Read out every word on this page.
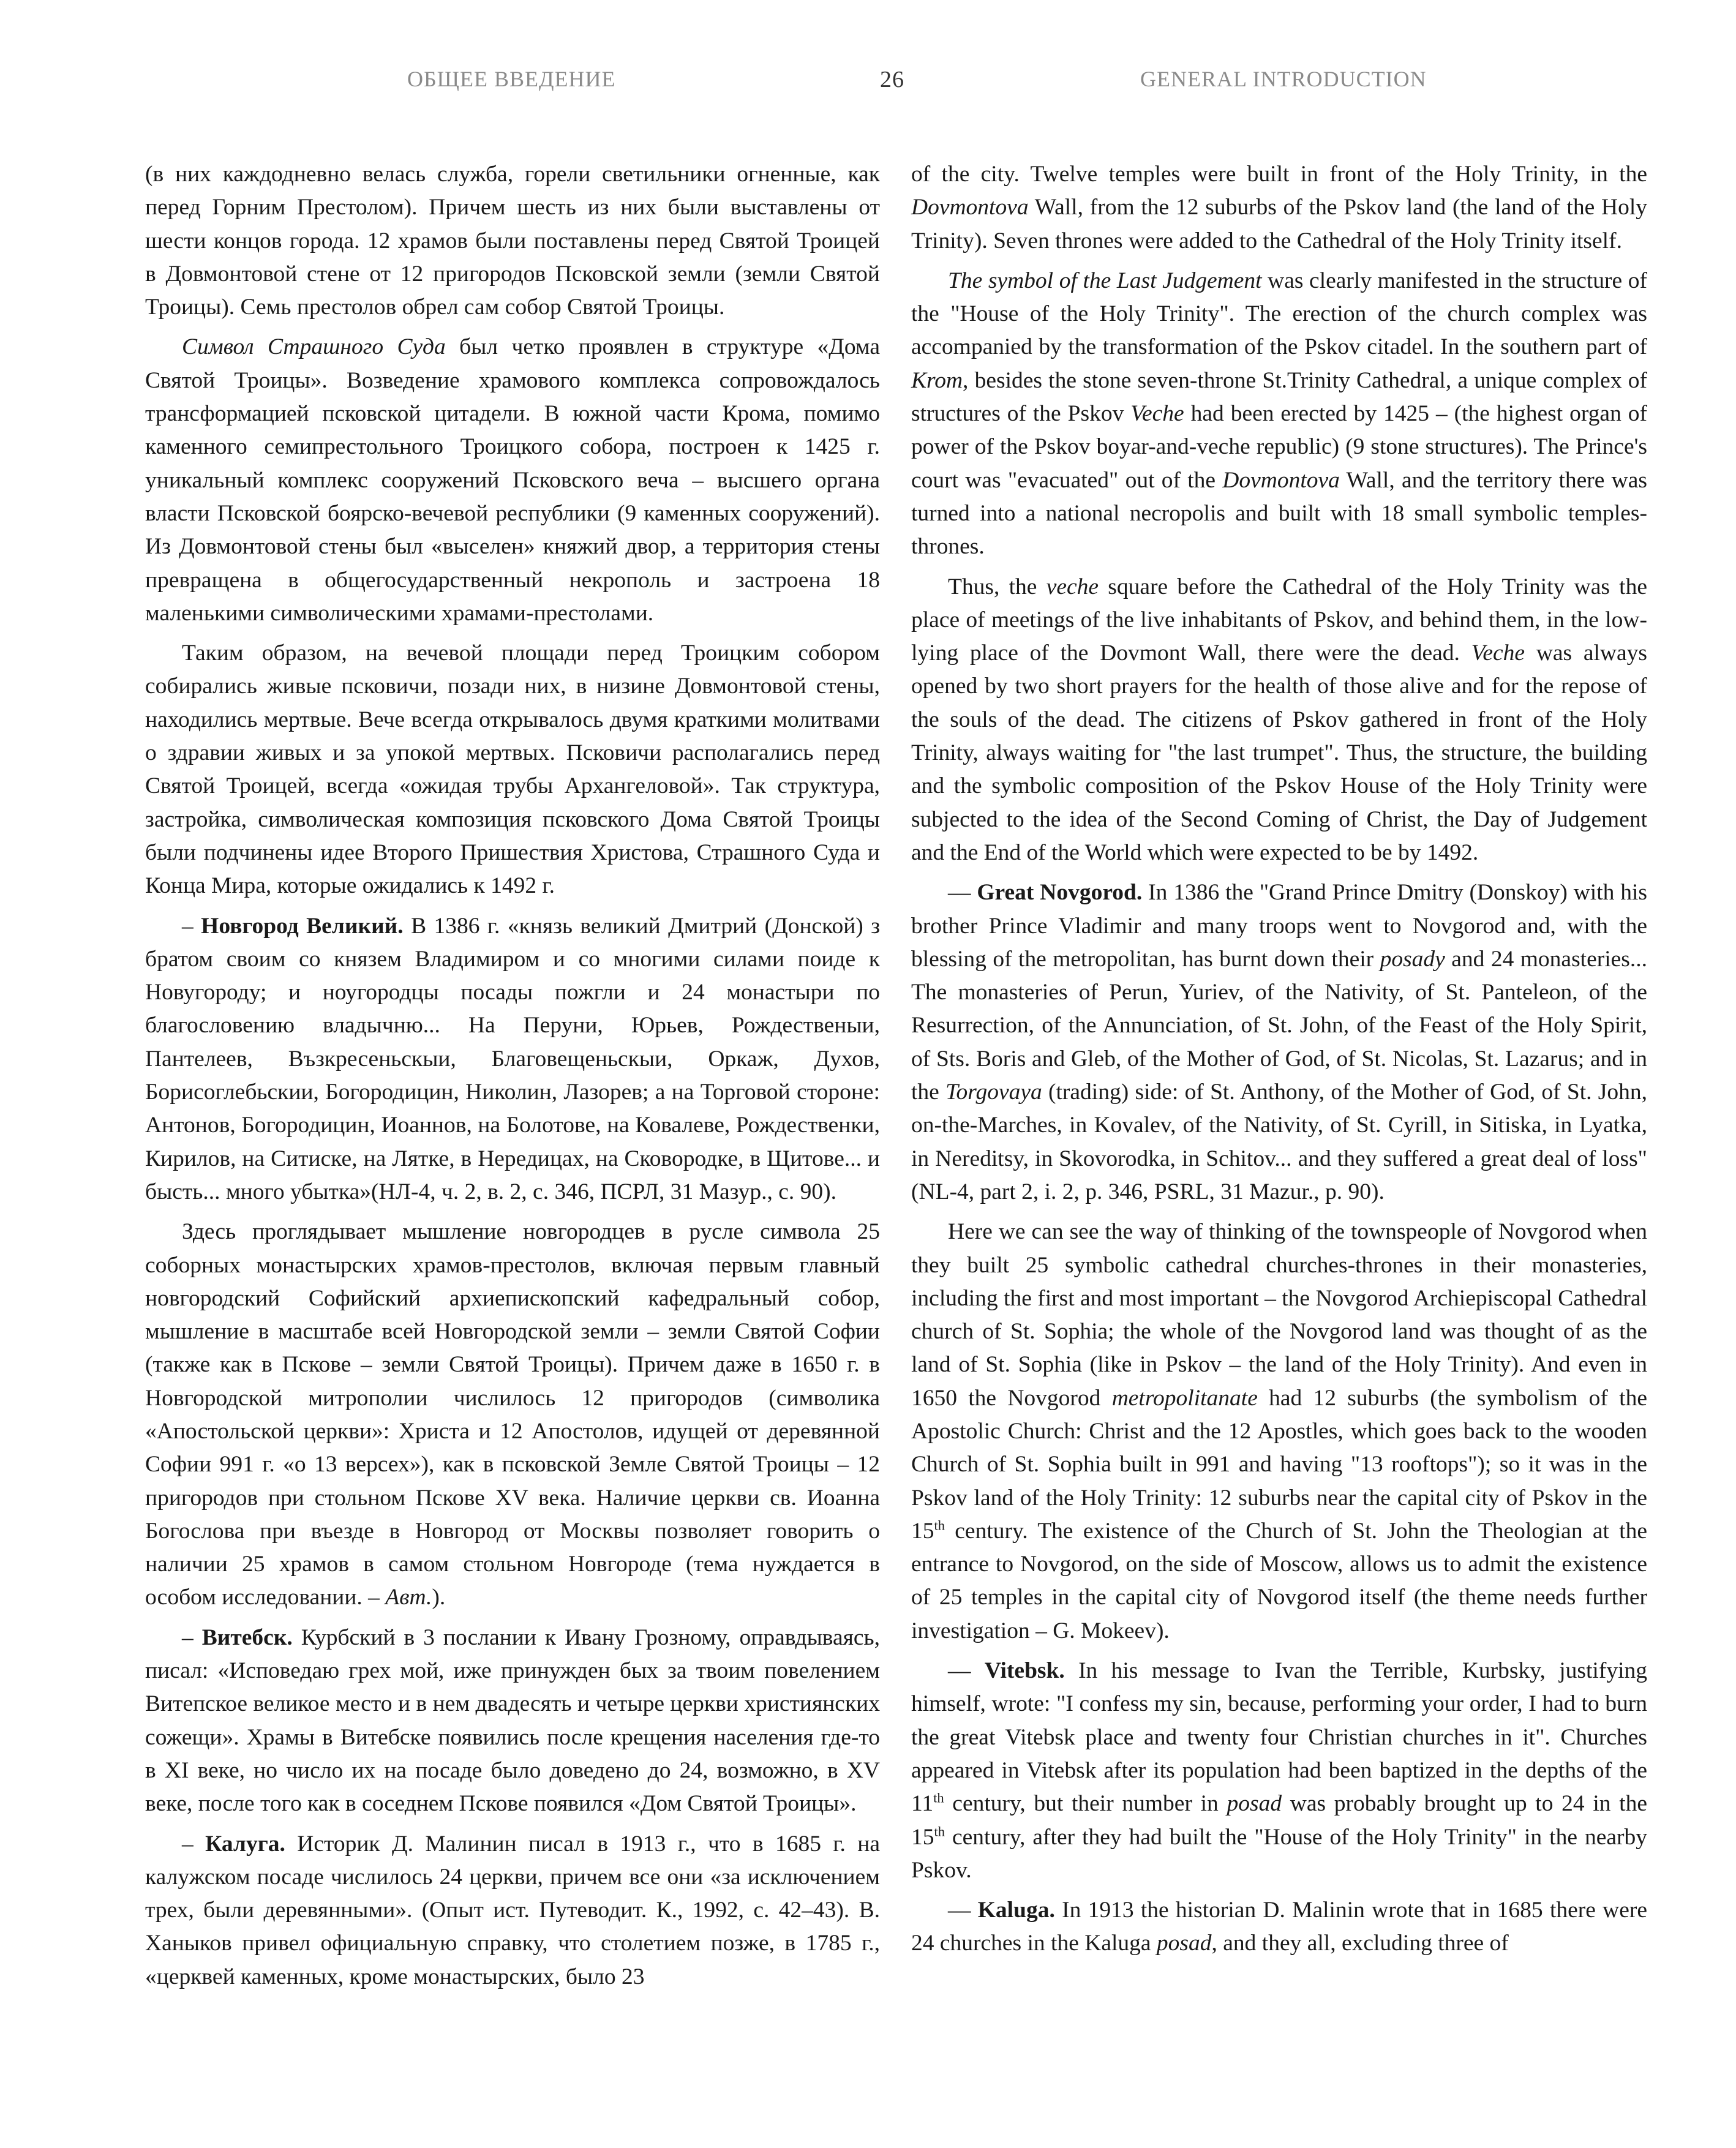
ОБЩЕЕ ВВЕДЕНИЕ	26	GENERAL INTRODUCTION

(в них каждодневно велась служба, горели светильники огненные, как перед Горним Престолом). Причем шесть из них были выставлены от шести концов города. 12 храмов были поставлены перед Святой Троицей в Довмонтовой стене от 12 пригородов Псковской земли (земли Святой Троицы). Семь престолов обрел сам собор Святой Троицы.

Символ Страшного Суда был четко проявлен в структуре «Дома Святой Троицы». Возведение храмового комплекса сопровождалось трансформацией псковской цитадели. В южной части Крома, помимо каменного семипрестольного Троицкого собора, построен к 1425 г. уникальный комплекс сооружений Псковского веча – высшего органа власти Псковской боярско-вечевой республики (9 каменных сооружений). Из Довмонтовой стены был «выселен» княжий двор, а территория стены превращена в общегосударственный некрополь и застроена 18 маленькими символическими храмами-престолами.

Таким образом, на вечевой площади перед Троицким собором собирались живые псковичи, позади них, в низине Довмонтовой стены, находились мертвые. Вече всегда открывалось двумя краткими молитвами о здравии живых и за упокой мертвых. Псковичи располагались перед Святой Троицей, всегда «ожидая трубы Архангеловой». Так структура, застройка, символическая композиция псковского Дома Святой Троицы были подчинены идее Второго Пришествия Христова, Страшного Суда и Конца Мира, которые ожидались к 1492 г.

– Новгород Великий. В 1386 г. «князь великий Дмитрий (Донской) з братом своим со князем Владимиром и со многими силами поиде к Новугороду; и ноугородцы посады пожгли и 24 монастыри по благословению владычню... На Перуни, Юрьев, Рождественыи, Пантелеев, Възкресеньскыи, Благовещеньскыи, Оркаж, Духов, Борисоглебьскии, Богородицин, Николин, Лазорев; а на Торговой стороне: Антонов, Богородицин, Иоаннов, на Болотове, на Ковалеве, Рождественки, Кирилов, на Ситиске, на Лятке, в Нередицах, на Сковородке, в Щитове... и бысть... много убытка»(НЛ-4, ч. 2, в. 2, с. 346, ПСРЛ, 31 Мазур., с. 90).

Здесь проглядывает мышление новгородцев в русле символа 25 соборных монастырских храмов-престолов, включая первым главный новгородский Софийский архиепископский кафедральный собор, мышление в масштабе всей Новгородской земли – земли Святой Софии (также как в Пскове – земли Святой Троицы). Причем даже в 1650 г. в Новгородской митрополии числилось 12 пригородов (символика «Апостольской церкви»: Христа и 12 Апостолов, идущей от деревянной Софии 991 г. «о 13 версех»), как в псковской Земле Святой Троицы – 12 пригородов при стольном Пскове XV века. Наличие церкви св. Иоанна Богослова при въезде в Новгород от Москвы позволяет говорить о наличии 25 храмов в самом стольном Новгороде (тема нуждается в особом исследовании. – Авт.).

– Витебск. Курбский в 3 послании к Ивану Грозному, оправдываясь, писал: «Исповедаю грех мой, иже принужден бых за твоим повелением Витепское великое место и в нем двадесять и четыре церкви християнских сожещи». Храмы в Витебске появились после крещения населения где-то в XI веке, но число их на посаде было доведено до 24, возможно, в XV веке, после того как в соседнем Пскове появился «Дом Святой Троицы».

– Калуга. Историк Д. Малинин писал в 1913 г., что в 1685 г. на калужском посаде числилось 24 церкви, причем все они «за исключением трех, были деревянными». (Опыт ист. Путеводит. К., 1992, с. 42–43). В. Ханыков привел официальную справку, что столетием позже, в 1785 г., «церквей каменных, кроме монастырских, было 23

of the city. Twelve temples were built in front of the Holy Trinity, in the Dovmontova Wall, from the 12 suburbs of the Pskov land (the land of the Holy Trinity). Seven thrones were added to the Cathedral of the Holy Trinity itself.

The symbol of the Last Judgement was clearly manifested in the structure of the "House of the Holy Trinity". The erection of the church complex was accompanied by the transformation of the Pskov citadel. In the southern part of Krom, besides the stone seven-throne St.Trinity Cathedral, a unique complex of structures of the Pskov Veche had been erected by 1425 – (the highest organ of power of the Pskov boyar-and-veche republic) (9 stone structures). The Prince's court was "evacuated" out of the Dovmontova Wall, and the territory there was turned into a national necropolis and built with 18 small symbolic temples-thrones.

Thus, the veche square before the Cathedral of the Holy Trinity was the place of meetings of the live inhabitants of Pskov, and behind them, in the low-lying place of the Dovmont Wall, there were the dead. Veche was always opened by two short prayers for the health of those alive and for the repose of the souls of the dead. The citizens of Pskov gathered in front of the Holy Trinity, always waiting for "the last trumpet". Thus, the structure, the building and the symbolic composition of the Pskov House of the Holy Trinity were subjected to the idea of the Second Coming of Christ, the Day of Judgement and the End of the World which were expected to be by 1492.

— Great Novgorod. In 1386 the "Grand Prince Dmitry (Donskoy) with his brother Prince Vladimir and many troops went to Novgorod and, with the blessing of the metropolitan, has burnt down their posady and 24 monasteries... The monasteries of Perun, Yuriev, of the Nativity, of St. Panteleon, of the Resurrection, of the Annunciation, of St. John, of the Feast of the Holy Spirit, of Sts. Boris and Gleb, of the Mother of God, of St. Nicolas, St. Lazarus; and in the Torgovaya (trading) side: of St. Anthony, of the Mother of God, of St. John, on-the-Marches, in Kovalev, of the Nativity, of St. Cyrill, in Sitiska, in Lyatka, in Nereditsy, in Skovorodka, in Schitov... and they suffered a great deal of loss" (NL-4, part 2, i. 2, p. 346, PSRL, 31 Mazur., p. 90).

Here we can see the way of thinking of the townspeople of Novgorod when they built 25 symbolic cathedral churches-thrones in their monasteries, including the first and most important – the Novgorod Archiepiscopal Cathedral church of St. Sophia; the whole of the Novgorod land was thought of as the land of St. Sophia (like in Pskov – the land of the Holy Trinity). And even in 1650 the Novgorod metropolitanate had 12 suburbs (the symbolism of the Apostolic Church: Christ and the 12 Apostles, which goes back to the wooden Church of St. Sophia built in 991 and having "13 rooftops"); so it was in the Pskov land of the Holy Trinity: 12 suburbs near the capital city of Pskov in the 15th century. The existence of the Church of St. John the Theologian at the entrance to Novgorod, on the side of Moscow, allows us to admit the existence of 25 temples in the capital city of Novgorod itself (the theme needs further investigation – G. Mokeev).

— Vitebsk. In his message to Ivan the Terrible, Kurbsky, justifying himself, wrote: "I confess my sin, because, performing your order, I had to burn the great Vitebsk place and twenty four Christian churches in it". Churches appeared in Vitebsk after its population had been baptized in the depths of the 11th century, but their number in posad was probably brought up to 24 in the 15th century, after they had built the "House of the Holy Trinity" in the nearby Pskov.

— Kaluga. In 1913 the historian D. Malinin wrote that in 1685 there were 24 churches in the Kaluga posad, and they all, excluding three of
